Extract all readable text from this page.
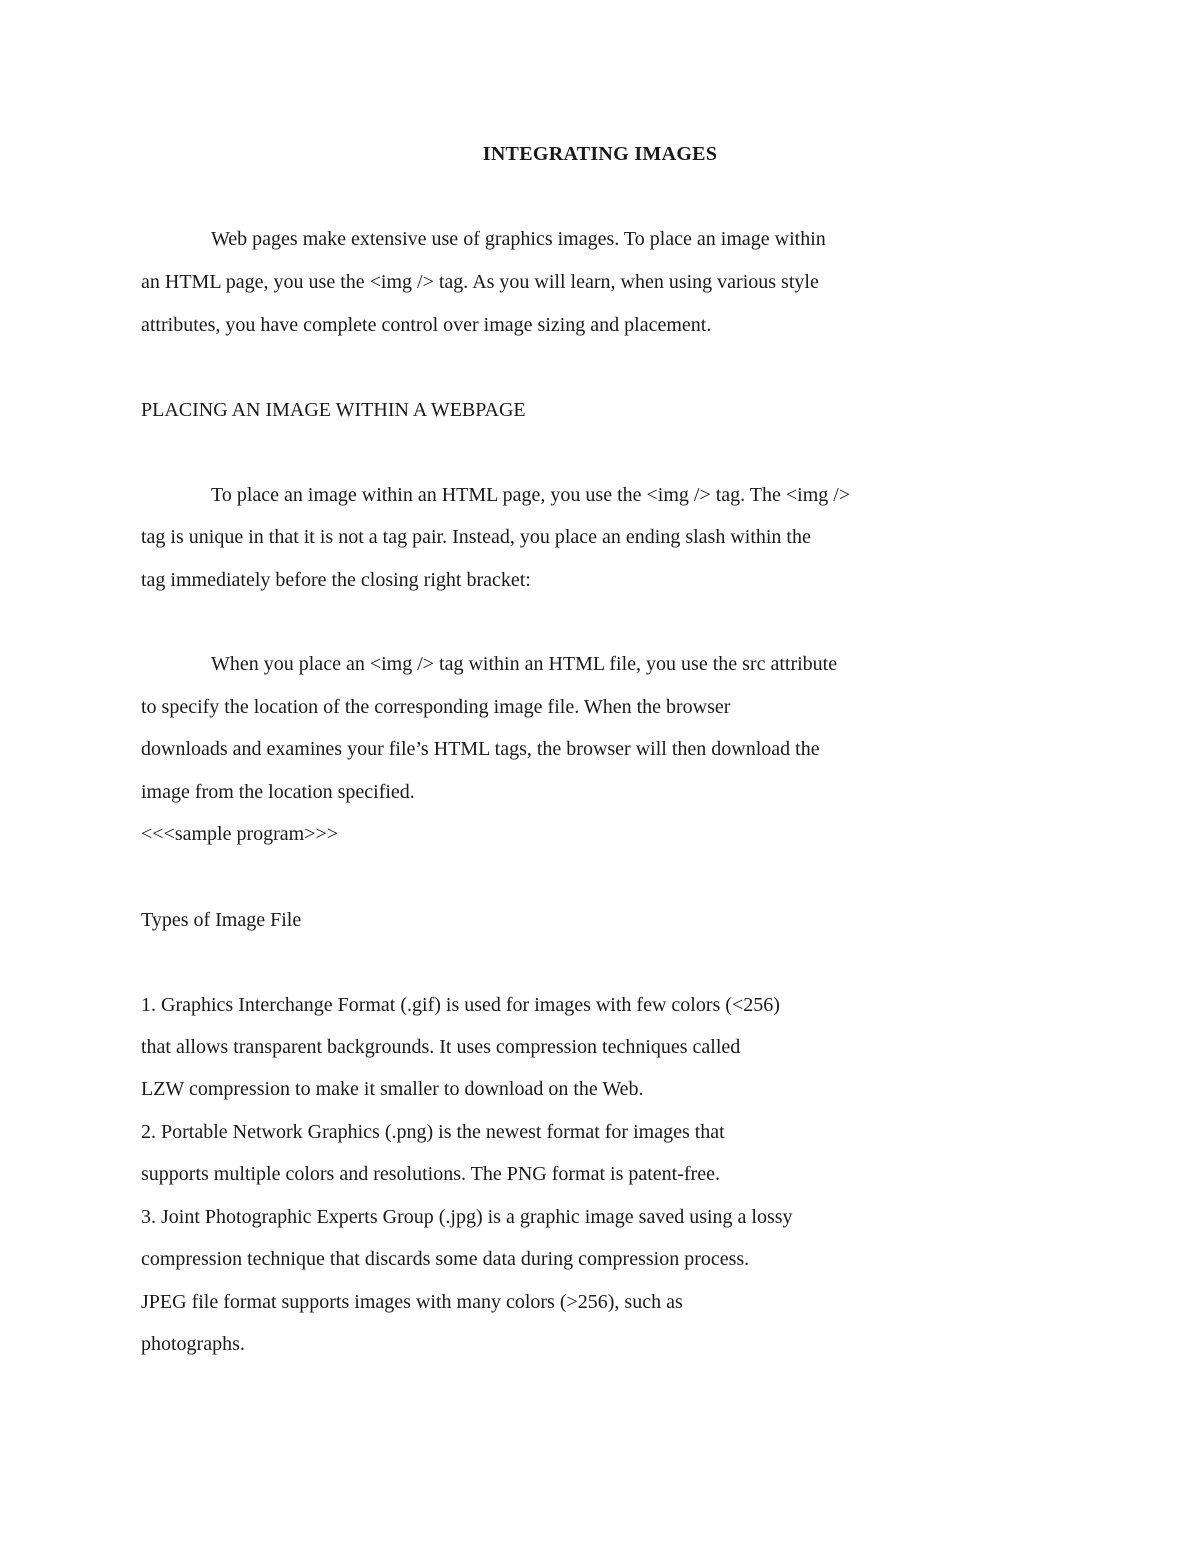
INTEGRATING IMAGES
Web pages make extensive use of graphics images. To place an image within
an HTML page, you use the <img /> tag. As you will learn, when using various style
attributes, you have complete control over image sizing and placement.
PLACING AN IMAGE WITHIN A WEBPAGE
To place an image within an HTML page, you use the <img /> tag. The <img />
tag is unique in that it is not a tag pair. Instead, you place an ending slash within the
tag immediately before the closing right bracket:
When you place an <img /> tag within an HTML file, you use the src attribute
to specify the location of the corresponding image file. When the browser
downloads and examines your file’s HTML tags, the browser will then download the
image from the location specified.
<<<sample program>>>
Types of Image File
1. Graphics Interchange Format (.gif) is used for images with few colors (<256)
that allows transparent backgrounds. It uses compression techniques called
LZW compression to make it smaller to download on the Web.
2. Portable Network Graphics (.png) is the newest format for images that
supports multiple colors and resolutions. The PNG format is patent-free.
3. Joint Photographic Experts Group (.jpg) is a graphic image saved using a lossy
compression technique that discards some data during compression process.
JPEG file format supports images with many colors (>256), such as
photographs.
